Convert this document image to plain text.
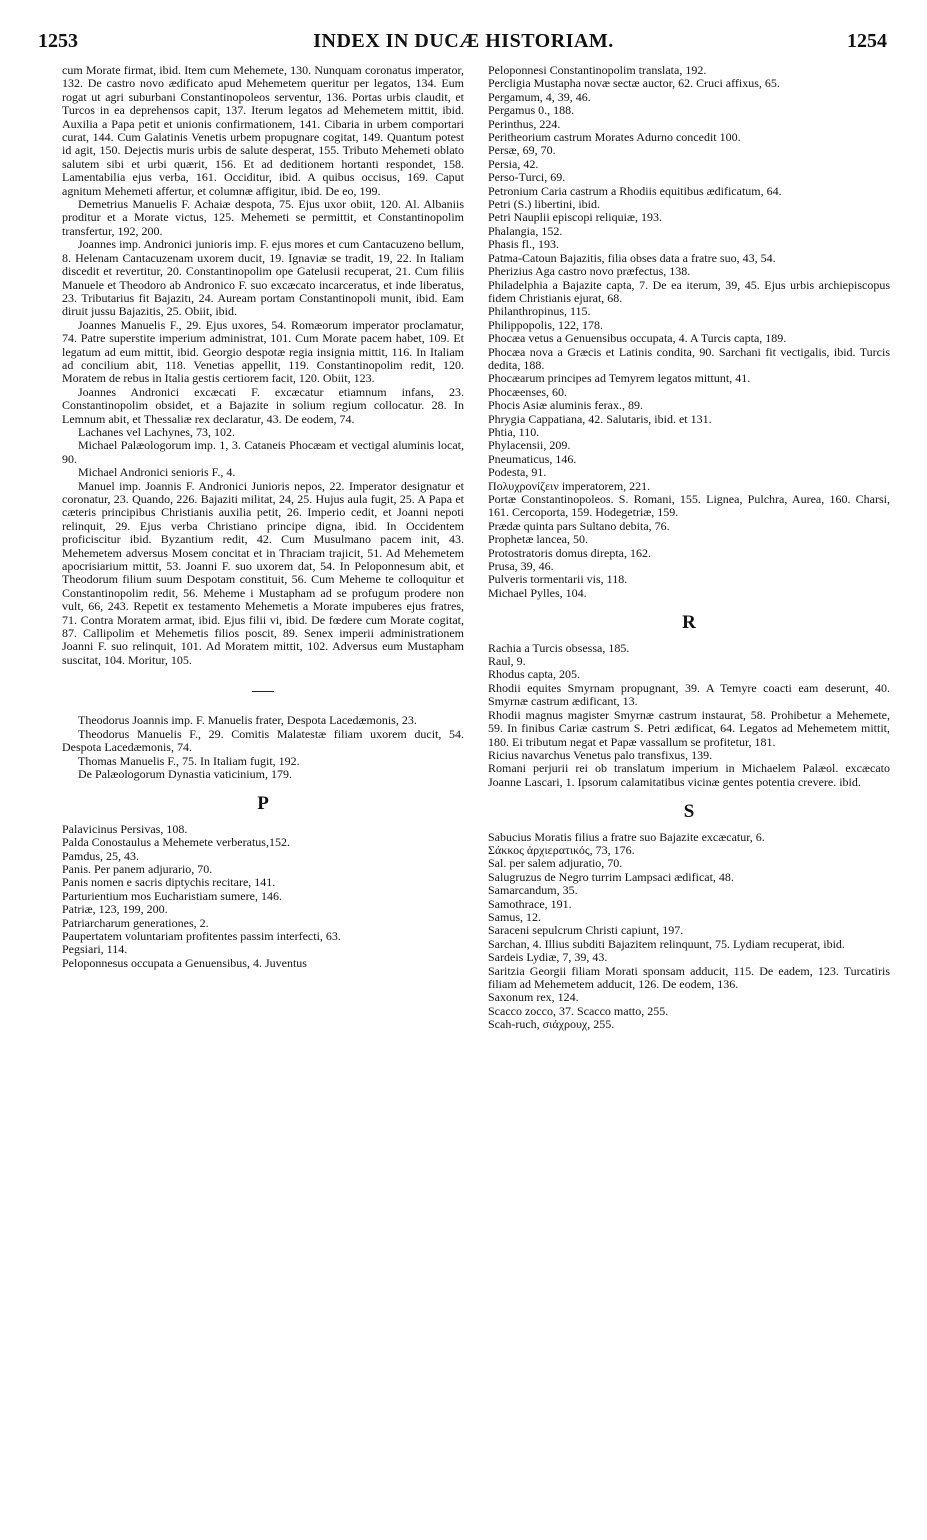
1253	INDEX IN DUCÆ HISTORIAM.	1254

cum Morate firmat, ibid. Item cum Mehemete, 130. Nunquam coronatus imperator, 132. De castro novo ædificato apud Mehemetem queritur per legatos, 134. Eum rogat ut agri suburbani Constantinopoleos serventur, 136. Portas urbis claudit, et Turcos in ea deprehensos capit, 137. Iterum legatos ad Mehemetem mittit, ibid. Auxilia a Papa petit et unionis confirmationem, 141. Cibaria in urbem comportari curat, 144. Cum Galatinis Venetis urbem propugnare cogitat, 149. Quantum potest id agit, 150. Dejectis muris urbis de salute desperat, 155. Tributo Mehemeti oblato salutem sibi et urbi quærit, 156. Et ad deditionem hortanti respondet, 158. Lamentabilia ejus verba, 161. Occiditur, ibid. A quibus occisus, 169. Caput agnitum Mehemeti affertur, et columnæ affigitur, ibid. De eo, 199.

Demetrius Manuelis F. Achaiæ despota, 75. Ejus uxor obiit, 120. Al. Albaniis proditur et a Morate victus, 125. Mehemeti se permittit, et Constantinopolim transfertur, 192, 200.

Joannes imp. Andronici junioris imp. F. ejus mores et cum Cantacuzeno bellum, 8. Helenam Cantacuzenam uxorem ducit, 19. Ignaviæ se tradit, 19, 22. In Italiam discedit et revertitur, 20. Constantinopolim ope Gatelusii recuperat, 21. Cum filiis Manuele et Theodoro ab Andronico F. suo excæcato incarceratus, et inde liberatus, 23. Tributarius fit Bajazitı, 24. Auream portam Constantinopoli munit, ibid. Eam diruit jussu Bajazitis, 25. Obiit, ibid.

Joannes Manuelis F., 29. Ejus uxores, 54. Romæorum imperator proclamatur, 74. Patre superstite imperium administrat, 101. Cum Morate pacem habet, 109. Et legatum ad eum mittit, ibid. Georgio despotæ regia insignia mittit, 116. In Italiam ad concilium abit, 118. Venetias appellit, 119. Constantinopolim redit, 120. Moratem de rebus in Italia gestis certiorem facit, 120. Obiit, 123.

Joannes Andronici excæcati F. excæcatur etiamnum infans, 23. Constantinopolim obsidet, et a Bajazite in solium regium collocatur. 28. In Lemnum abit, et Thessaliæ rex declaratur, 43. De eodem, 74.

Lachanes vel Lachynes, 73, 102.

Michael Palæologorum imp. 1, 3. Cataneis Phocæam et vectigal aluminis locat, 90.

Michael Andronici senioris F., 4.

Manuel imp. Joannis F. Andronici Junioris nepos, 22. Imperator designatur et coronatur, 23. Quando, 226. Bajaziti militat, 24, 25. Hujus aula fugit, 25. A Papa et cæteris principibus Christianis auxilia petit, 26. Imperio cedit, et Joanni nepoti relinquit, 29. Ejus verba Christiano principe digna, ibid. In Occidentem proficiscitur ibid. Byzantium redit, 42. Cum Musulmano pacem init, 43. Mehemetem adversus Mosem concitat et in Thraciam trajicit, 51. Ad Mehemetem apocrisiarium mittit, 53. Joanni F. suo uxorem dat, 54. In Peloponnesum abit, et Theodorum filium suum Despotam constituit, 56. Cum Meheme te colloquitur et Constantinopolim redit, 56. Meheme i Mustapham ad se profugum prodere non vult, 66, 243. Repetit ex testamento Mehemetis a Morate impuberes ejus fratres, 71. Contra Moratem armat, ibid. Ejus filii vi, ibid. De fœdere cum Morate cogitat, 87. Callipolim et Mehemetis filios poscit, 89. Senex imperii administrationem Joanni F. suo relinquit, 101. Ad Moratem mittit, 102. Adversus eum Mustapham suscitat, 104. Moritur, 105.

Theodorus Joannis imp. F. Manuelis frater, Despota Lacedæmonis, 23.

Theodorus Manuelis F., 29. Comitis Malatestæ filiam uxorem ducit, 54. Despota Lacedæmonis, 74.

Thomas Manuelis F., 75. In Italiam fugit, 192.

De Palæologorum Dynastia vaticinium, 179.

P

Palavicinus Persivas, 108.

Palda Conostaulus a Mehemete verberatus,152.

Pamdus, 25, 43.

Panis. Per panem adjurario, 70.

Panis nomen e sacris diptychis recitare, 141.

Parturientium mos Eucharistiam sumere, 146.

Patriæ, 123, 199, 200.

Patriarcharum generationes, 2.

Paupertatem voluntariam profitentes passim interfecti, 63.

Pegsiari, 114.

Peloponnesus occupata a Genuensibus, 4. Juventus

Peloponnesi Constantinopolim translata, 192.

Percligia Mustapha novæ sectæ auctor, 62. Cruci affixus, 65.

Pergamum, 4, 39, 46.

Pergamus 0., 188.

Perinthus, 224.

Peritheorium castrum Morates Adurno concedit 100.

Persæ, 69, 70.

Persia, 42.

Perso-Turci, 69.

Petronium Caria castrum a Rhodiis equitibus ædificatum, 64.

Petri (S.) libertini, ibid.

Petri Nauplii episcopi reliquiæ, 193.

Phalangia, 152.

Phasis fl., 193.

Patma-Catoun Bajazitis, filia obses data a fratre suo, 43, 54.

Pherizius Aga castro novo præfectus, 138.

Philadelphia a Bajazite capta, 7. De ea iterum, 39, 45. Ejus urbis archiepiscopus fidem Christianis ejurat, 68.

Philanthropinus, 115.

Philippopolis, 122, 178.

Phocæa vetus a Genuensibus occupata, 4. A Turcis capta, 189.

Phocæa nova a Græcis et Latinis condita, 90. Sarchani fit vectigalis, ibid. Turcis dedita, 188.

Phocæarum principes ad Temyrem legatos mittunt, 41.

Phocæenses, 60.

Phocis Asiæ aluminis ferax., 89.

Phrygia Cappatiana, 42. Salutaris, ibid. et 131.

Phtia, 110.

Phylacensii, 209.

Pneumaticus, 146.

Podesta, 91.

Πολυχρονίζειν imperatorem, 221.

Portæ Constantinopoleos. S. Romani, 155. Lignea, Pulchra, Aurea, 160. Charsi, 161. Cercoporta, 159. Hodegetriæ, 159.

Prædæ quinta pars Sultano debita, 76.

Prophetæ lancea, 50.

Protostratoris domus direpta, 162.

Prusa, 39, 46.

Pulveris tormentarii vis, 118.

Michael Pylles, 104.

R

Rachia a Turcis obsessa, 185.

Raul, 9.

Rhodus capta, 205.

Rhodii equites Smyrnam propugnant, 39. A Temyre coacti eam deserunt, 40. Smyrnæ castrum ædificant, 13.

Rhodii magnus magister Smyrnæ castrum instaurat, 58. Prohibetur a Mehemete, 59. In finibus Cariæ castrum S. Petri ædificat, 64. Legatos ad Mehemetem mittit, 180. Ei tributum negat et Papæ vassallum se profitetur, 181.

Ricius navarchus Venetus palo transfixus, 139.

Romani perjurii rei ob translatum imperium in Michaelem Palæol. excæcato Joanne Lascari, 1. Ipsorum calamitatibus vicinæ gentes potentia crevere. ibid.

S

Sabucius Moratis filius a fratre suo Bajazite excæcatur, 6.

Σάκκος ἀρχιερατικός, 73, 176.

Sal. per salem adjuratio, 70.

Salugruzus de Negro turrim Lampsaci ædificat, 48.

Samarcandum, 35.

Samothrace, 191.

Samus, 12.

Saraceni sepulcrum Christi capiunt, 197.

Sarchan, 4. Illius subditi Bajazitem relinquunt, 75. Lydiam recuperat, ibid.

Sardeis Lydiæ, 7, 39, 43.

Saritzia Georgii filiam Morati sponsam adducit, 115. De eadem, 123. Turcatiris filiam ad Mehemetem adducit, 126. De eodem, 136.

Saxonum rex, 124.

Scacco zocco, 37. Scacco matto, 255.

Scah-ruch, σιάχρουχ, 255.
